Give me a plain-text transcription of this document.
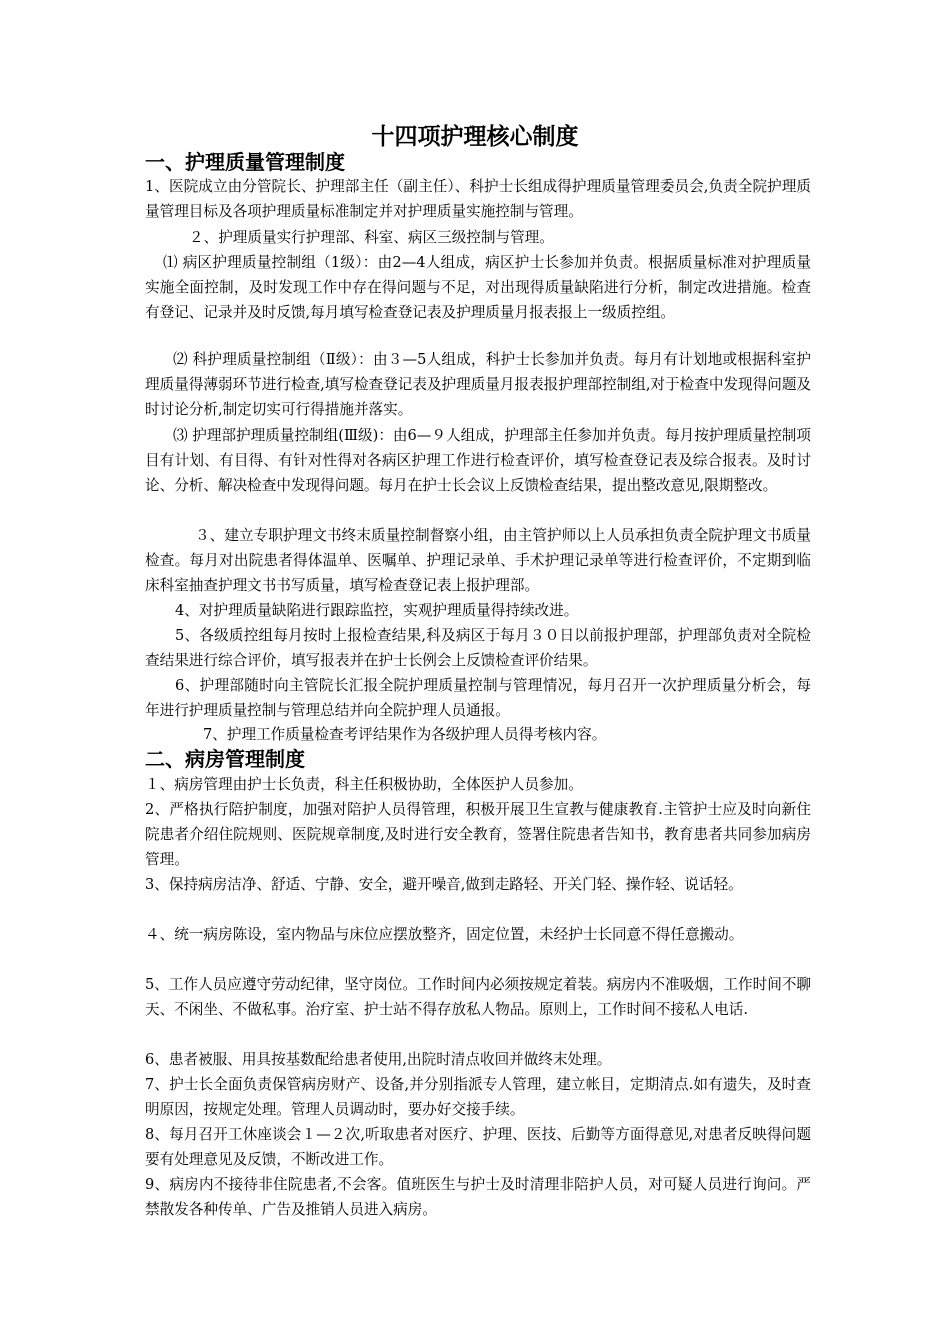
十四项护理核心制度
一、护理质量管理制度
1、医院成立由分管院长、护理部主任（副主任）、科护士长组成得护理质量管理委员会,负责全院护理质量管理目标及各项护理质量标准制定并对护理质量实施控制与管理。
２、护理质量实行护理部、科室、病区三级控制与管理。
⑴ 病区护理质量控制组（1级）：由2—4人组成，病区护士长参加并负责。根据质量标准对护理质量实施全面控制，及时发现工作中存在得问题与不足，对出现得质量缺陷进行分析，制定改进措施。检查有登记、记录并及时反馈,每月填写检查登记表及护理质量月报表报上一级质控组。
⑵ 科护理质量控制组（Ⅱ级）：由３—5人组成，科护士长参加并负责。每月有计划地或根据科室护理质量得薄弱环节进行检查,填写检查登记表及护理质量月报表报护理部控制组,对于检查中发现得问题及时讨论分析,制定切实可行得措施并落实。
⑶ 护理部护理质量控制组(Ⅲ级)：由6—９人组成，护理部主任参加并负责。每月按护理质量控制项目有计划、有目得、有针对性得对各病区护理工作进行检查评价，填写检查登记表及综合报表。及时讨论、分析、解决检查中发现得问题。每月在护士长会议上反馈检查结果，提出整改意见,限期整改。
３、建立专职护理文书终末质量控制督察小组，由主管护师以上人员承担负责全院护理文书质量检查。每月对出院患者得体温单、医嘱单、护理记录单、手术护理记录单等进行检查评价，不定期到临床科室抽查护理文书书写质量，填写检查登记表上报护理部。
4、对护理质量缺陷进行跟踪监控，实观护理质量得持续改进。
5、各级质控组每月按时上报检查结果,科及病区于每月３０日以前报护理部，护理部负责对全院检查结果进行综合评价，填写报表并在护士长例会上反馈检查评价结果。
6、护理部随时向主管院长汇报全院护理质量控制与管理情况，每月召开一次护理质量分析会，每年进行护理质量控制与管理总结并向全院护理人员通报。
7、护理工作质量检查考评结果作为各级护理人员得考核内容。
二、病房管理制度
１、病房管理由护士长负责，科主任积极协助，全体医护人员参加。
2、严格执行陪护制度，加强对陪护人员得管理，积极开展卫生宣教与健康教育.主管护士应及时向新住院患者介绍住院规则、医院规章制度,及时进行安全教育，签署住院患者告知书，教育患者共同参加病房管理。
3、保持病房洁净、舒适、宁静、安全，避开噪音,做到走路轻、开关门轻、操作轻、说话轻。
４、统一病房陈设，室内物品与床位应摆放整齐，固定位置，未经护士长同意不得任意搬动。
5、工作人员应遵守劳动纪律，坚守岗位。工作时间内必须按规定着装。病房内不准吸烟，工作时间不聊天、不闲坐、不做私事。治疗室、护士站不得存放私人物品。原则上，工作时间不接私人电话.
6、患者被服、用具按基数配给患者使用,出院时清点收回并做终末处理。
7、护士长全面负责保管病房财产、设备,并分别指派专人管理，建立帐目，定期清点.如有遗失，及时查明原因，按规定处理。管理人员调动时，要办好交接手续。
8、每月召开工休座谈会１—２次,听取患者对医疗、护理、医技、后勤等方面得意见,对患者反映得问题要有处理意见及反馈，不断改进工作。
9、病房内不接待非住院患者,不会客。值班医生与护士及时清理非陪护人员，对可疑人员进行询问。严禁散发各种传单、广告及推销人员进入病房。
